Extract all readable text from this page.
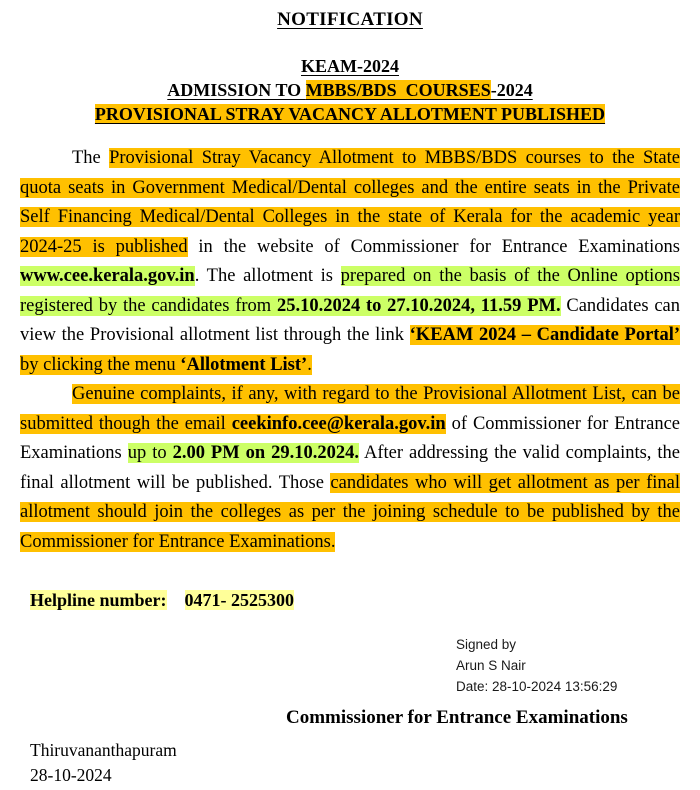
NOTIFICATION
KEAM-2024
ADMISSION TO MBBS/BDS  COURSES-2024
PROVISIONAL STRAY VACANCY ALLOTMENT PUBLISHED

The Provisional Stray Vacancy Allotment to MBBS/BDS courses to the State quota seats in Government Medical/Dental colleges and the entire seats in the Private Self Financing Medical/Dental Colleges in the state of Kerala for the academic year 2024-25 is published in the website of Commissioner for Entrance Examinations www.cee.kerala.gov.in. The allotment is prepared on the basis of the Online options registered by the candidates from 25.10.2024 to 27.10.2024, 11.59 PM. Candidates can view the Provisional allotment list through the link ‘KEAM 2024 – Candidate Portal’ by clicking the menu ‘Allotment List’.

Genuine complaints, if any, with regard to the Provisional Allotment List, can be submitted though the email ceekinfo.cee@kerala.gov.in of Commissioner for Entrance Examinations up to 2.00 PM on 29.10.2024. After addressing the valid complaints, the final allotment will be published. Those candidates who will get allotment as per final allotment should join the colleges as per the joining schedule to be published by the Commissioner for Entrance Examinations.

Helpline number: 0471- 2525300
Signed by
Arun S Nair
Date: 28-10-2024 13:56:29
Commissioner for Entrance Examinations
Thiruvananthapuram
28-10-2024
